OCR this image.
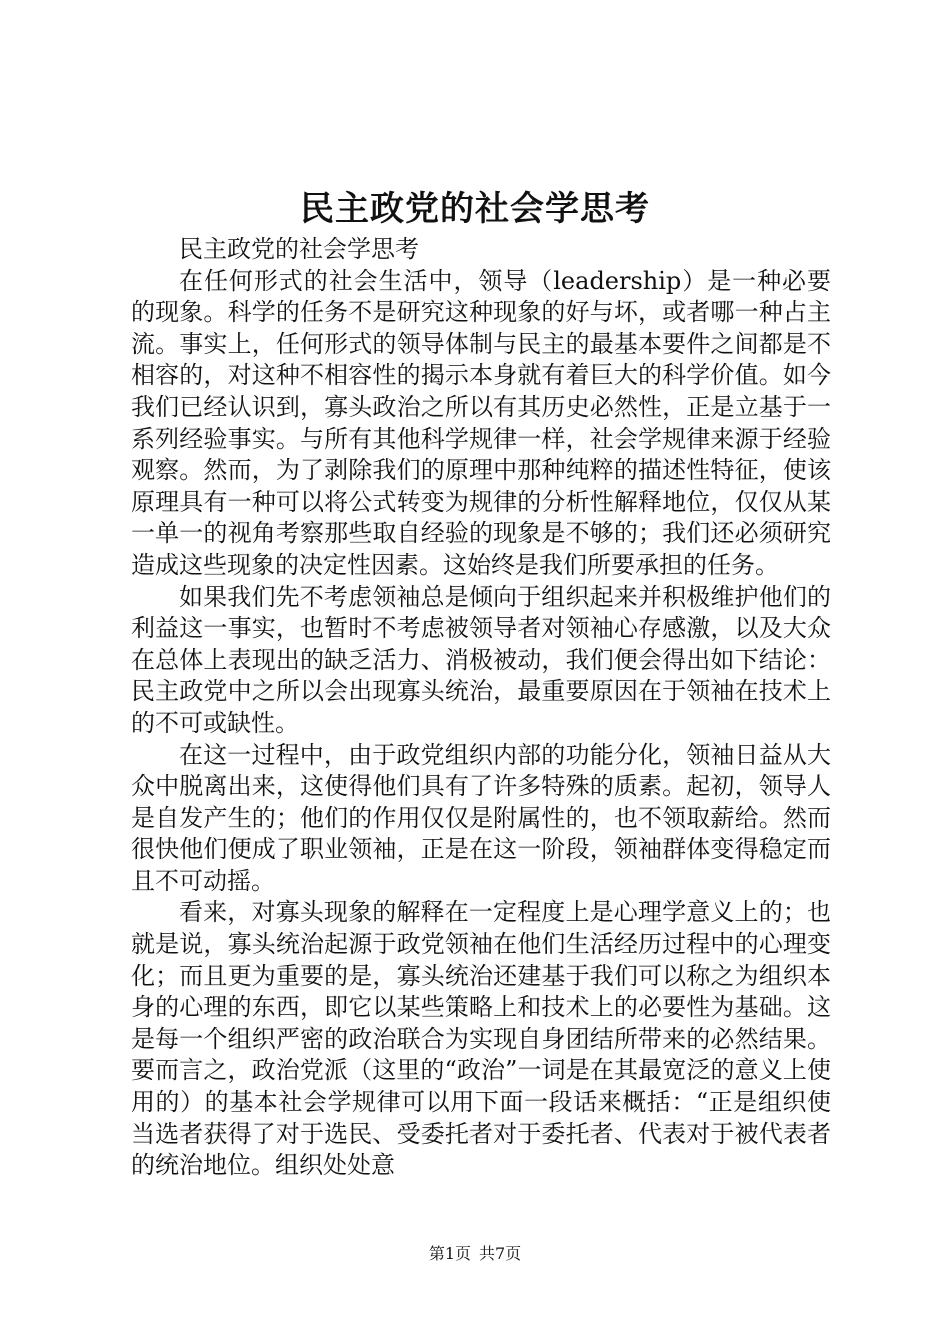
民主政党的社会学思考

民主政党的社会学思考

在任何形式的社会生活中，领导（leadership）是一种必要的现象。科学的任务不是研究这种现象的好与坏，或者哪一种占主流。事实上，任何形式的领导体制与民主的最基本要件之间都是不相容的，对这种不相容性的揭示本身就有着巨大的科学价值。如今我们已经认识到，寡头政治之所以有其历史必然性，正是立基于一系列经验事实。与所有其他科学规律一样，社会学规律来源于经验观察。然而，为了剥除我们的原理中那种纯粹的描述性特征，使该原理具有一种可以将公式转变为规律的分析性解释地位，仅仅从某一单一的视角考察那些取自经验的现象是不够的；我们还必须研究造成这些现象的决定性因素。这始终是我们所要承担的任务。

如果我们先不考虑领袖总是倾向于组织起来并积极维护他们的利益这一事实，也暂时不考虑被领导者对领袖心存感激，以及大众在总体上表现出的缺乏活力、消极被动，我们便会得出如下结论：民主政党中之所以会出现寡头统治，最重要原因在于领袖在技术上的不可或缺性。

在这一过程中，由于政党组织内部的功能分化，领袖日益从大众中脱离出来，这使得他们具有了许多特殊的质素。起初，领导人是自发产生的；他们的作用仅仅是附属性的，也不领取薪给。然而很快他们便成了职业领袖，正是在这一阶段，领袖群体变得稳定而且不可动摇。

看来，对寡头现象的解释在一定程度上是心理学意义上的；也就是说，寡头统治起源于政党领袖在他们生活经历过程中的心理变化；而且更为重要的是，寡头统治还建基于我们可以称之为组织本身的心理的东西，即它以某些策略上和技术上的必要性为基础。这是每一个组织严密的政治联合为实现自身团结所带来的必然结果。要而言之，政治党派（这里的“政治”一词是在其最宽泛的意义上使用的）的基本社会学规律可以用下面一段话来概括：“正是组织使当选者获得了对于选民、受委托者对于委托者、代表对于被代表者的统治地位。组织处处意

第1页 共7页
